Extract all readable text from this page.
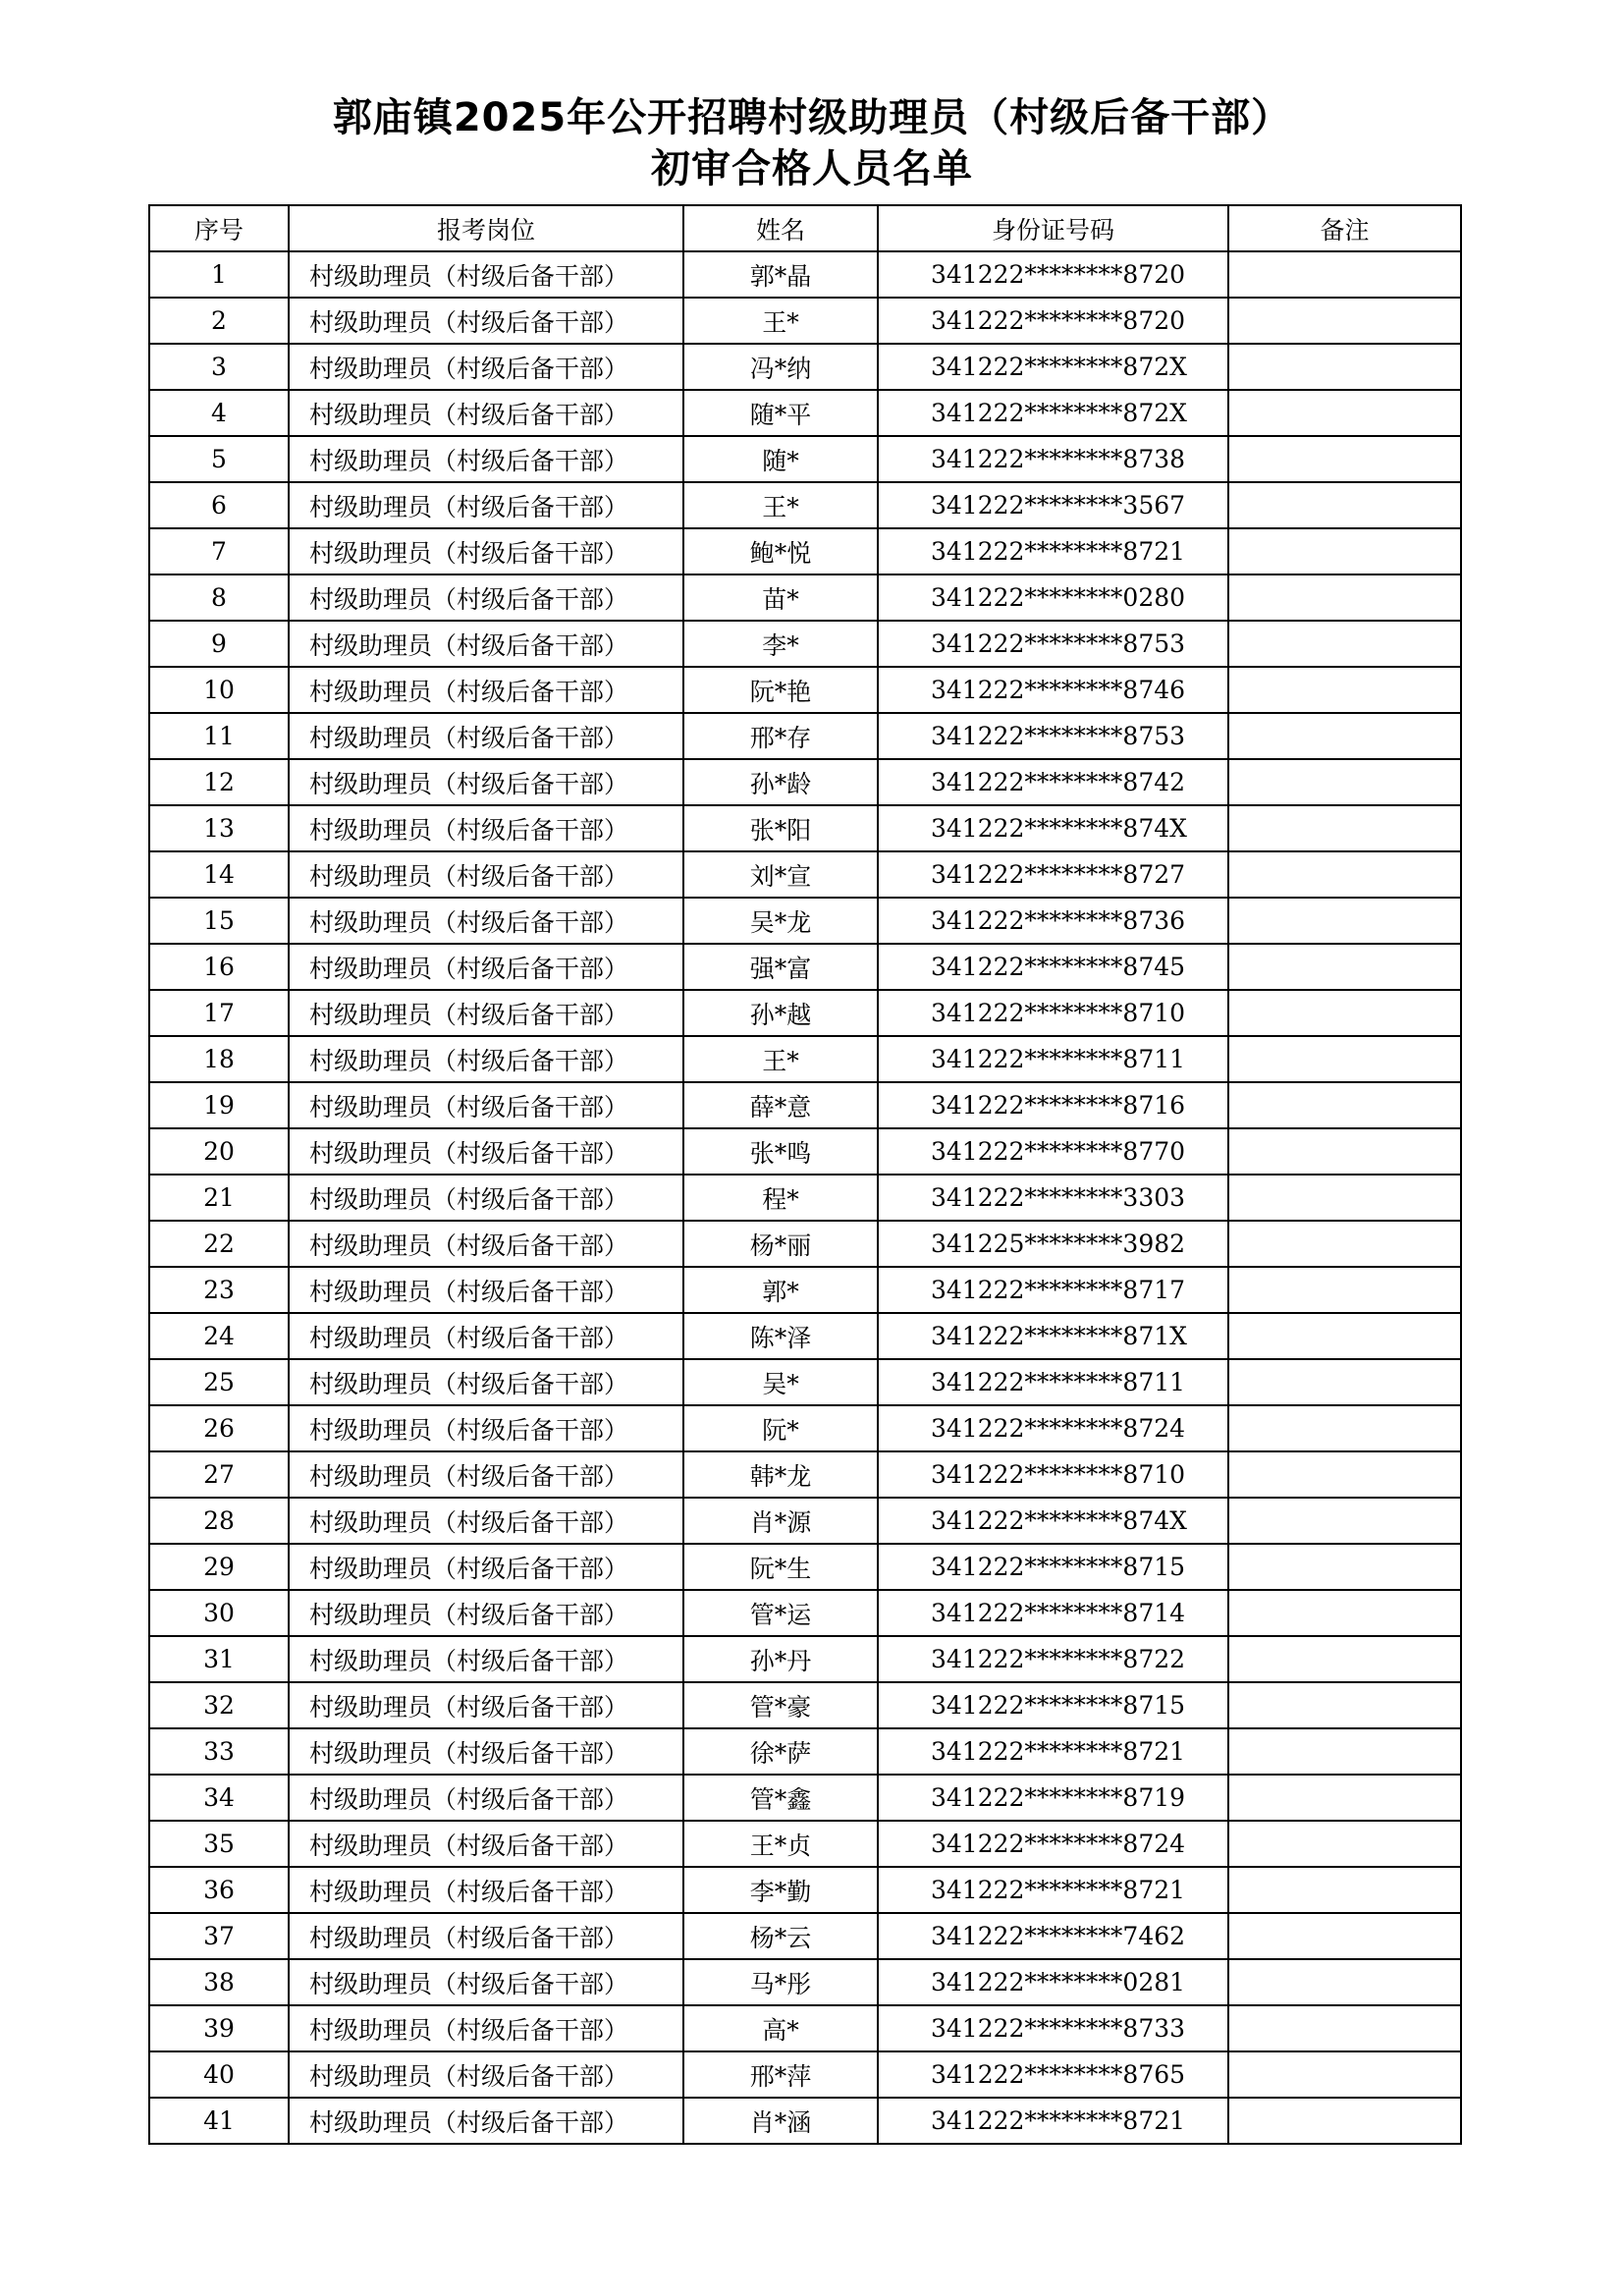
郭庙镇2025年公开招聘村级助理员（村级后备干部）
初审合格人员名单
序号	报考岗位	姓名	身份证号码	备注
1	村级助理员（村级后备干部）	郭*晶	341222********8720	
2	村级助理员（村级后备干部）	王*	341222********8720	
3	村级助理员（村级后备干部）	冯*纳	341222********872X	
4	村级助理员（村级后备干部）	随*平	341222********872X	
5	村级助理员（村级后备干部）	随*	341222********8738	
6	村级助理员（村级后备干部）	王*	341222********3567	
7	村级助理员（村级后备干部）	鲍*悦	341222********8721	
8	村级助理员（村级后备干部）	苗*	341222********0280	
9	村级助理员（村级后备干部）	李*	341222********8753	
10	村级助理员（村级后备干部）	阮*艳	341222********8746	
11	村级助理员（村级后备干部）	邢*存	341222********8753	
12	村级助理员（村级后备干部）	孙*龄	341222********8742	
13	村级助理员（村级后备干部）	张*阳	341222********874X	
14	村级助理员（村级后备干部）	刘*宣	341222********8727	
15	村级助理员（村级后备干部）	吴*龙	341222********8736	
16	村级助理员（村级后备干部）	强*富	341222********8745	
17	村级助理员（村级后备干部）	孙*越	341222********8710	
18	村级助理员（村级后备干部）	王*	341222********8711	
19	村级助理员（村级后备干部）	薛*意	341222********8716	
20	村级助理员（村级后备干部）	张*鸣	341222********8770	
21	村级助理员（村级后备干部）	程*	341222********3303	
22	村级助理员（村级后备干部）	杨*丽	341225********3982	
23	村级助理员（村级后备干部）	郭*	341222********8717	
24	村级助理员（村级后备干部）	陈*泽	341222********871X	
25	村级助理员（村级后备干部）	吴*	341222********8711	
26	村级助理员（村级后备干部）	阮*	341222********8724	
27	村级助理员（村级后备干部）	韩*龙	341222********8710	
28	村级助理员（村级后备干部）	肖*源	341222********874X	
29	村级助理员（村级后备干部）	阮*生	341222********8715	
30	村级助理员（村级后备干部）	管*运	341222********8714	
31	村级助理员（村级后备干部）	孙*丹	341222********8722	
32	村级助理员（村级后备干部）	管*豪	341222********8715	
33	村级助理员（村级后备干部）	徐*萨	341222********8721	
34	村级助理员（村级后备干部）	管*鑫	341222********8719	
35	村级助理员（村级后备干部）	王*贞	341222********8724	
36	村级助理员（村级后备干部）	李*勤	341222********8721	
37	村级助理员（村级后备干部）	杨*云	341222********7462	
38	村级助理员（村级后备干部）	马*彤	341222********0281	
39	村级助理员（村级后备干部）	高*	341222********8733	
40	村级助理员（村级后备干部）	邢*萍	341222********8765	
41	村级助理员（村级后备干部）	肖*涵	341222********8721	
